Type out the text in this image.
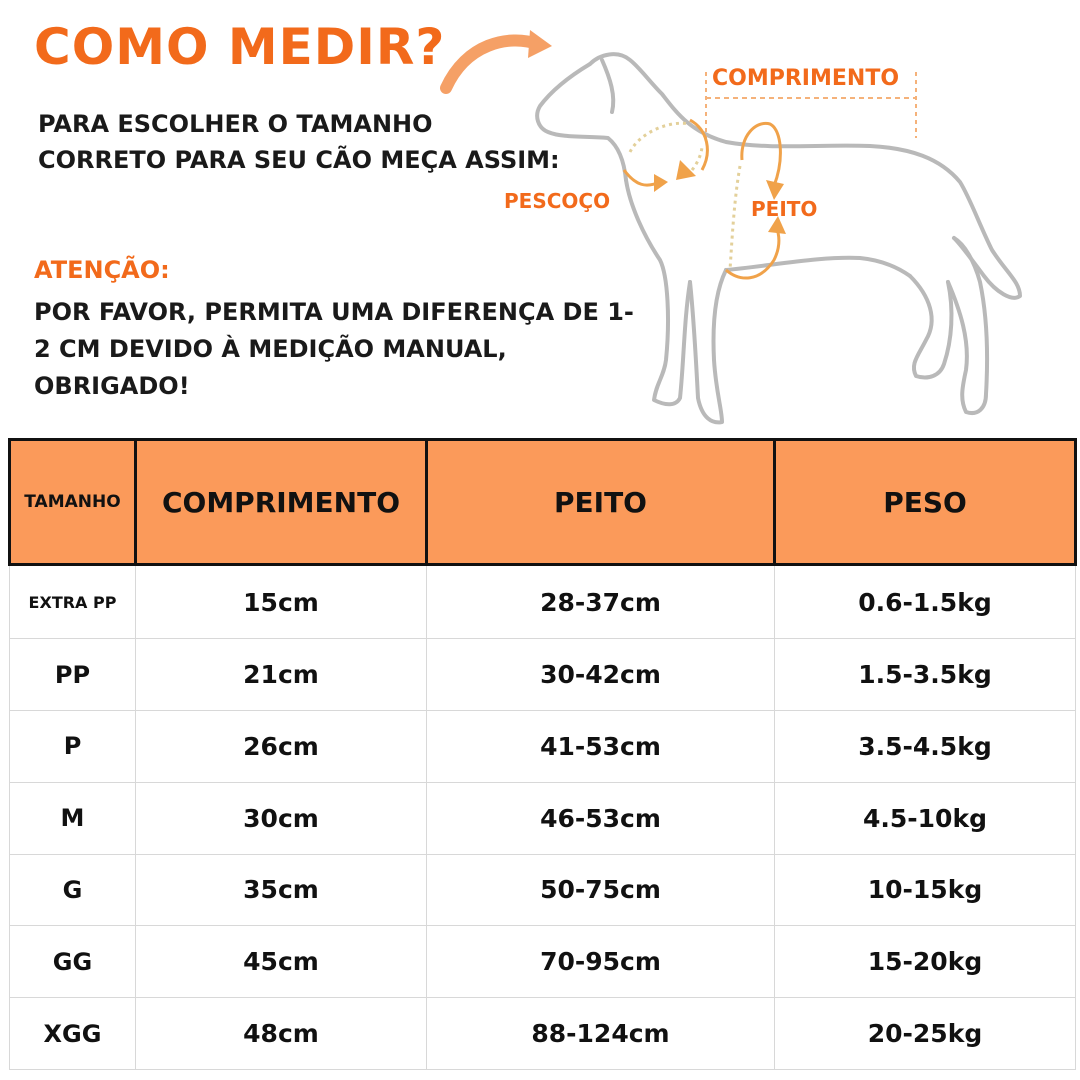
COMO MEDIR?
PARA ESCOLHER O TAMANHO
CORRETO PARA SEU CÃO MEÇA ASSIM:
ATENÇÃO:
POR FAVOR, PERMITA UMA DIFERENÇA DE 1-
2 CM DEVIDO À MEDIÇÃO MANUAL,
OBRIGADO!
COMPRIMENTO
PESCOÇO	PEITO
TAMANHO	COMPRIMENTO	PEITO	PESO
EXTRA PP	15cm	28-37cm	0.6-1.5kg
PP	21cm	30-42cm	1.5-3.5kg
P	26cm	41-53cm	3.5-4.5kg
M	30cm	46-53cm	4.5-10kg
G	35cm	50-75cm	10-15kg
GG	45cm	70-95cm	15-20kg
XGG	48cm	88-124cm	20-25kg
